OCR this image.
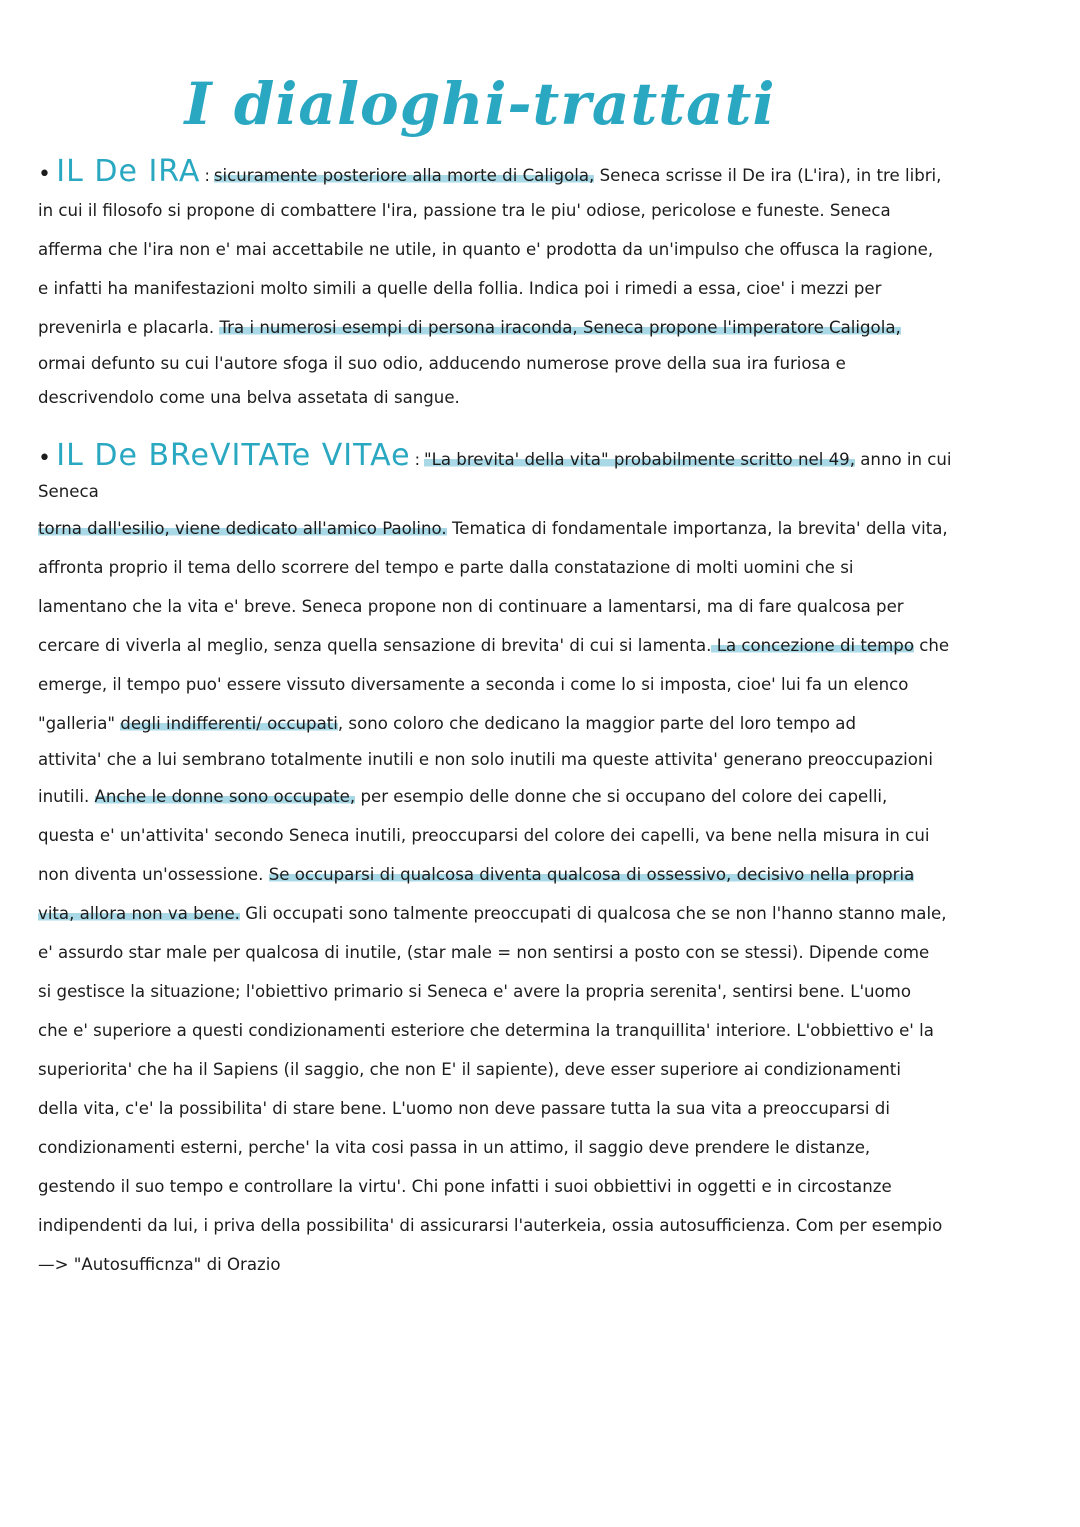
I dialoghi-trattati
• IL De IRA : sicuramente posteriore alla morte di Caligola, Seneca scrisse il De ira (L'ira), in tre libri,
in cui il filosofo si propone di combattere l'ira, passione tra le piu' odiose, pericolose e funeste. Seneca
afferma che l'ira non e' mai accettabile ne utile, in quanto e' prodotta da un'impulso che offusca la ragione,
e infatti ha manifestazioni molto simili a quelle della follia. Indica poi i rimedi a essa, cioe' i mezzi per
prevenirla e placarla. Tra i numerosi esempi di persona iraconda, Seneca propone l'imperatore Caligola,
ormai defunto su cui l'autore sfoga il suo odio, adducendo numerose prove della sua ira furiosa e
descrivendolo come una belva assetata di sangue.
• IL De BReVITATe VITAe : "La brevita' della vita" probabilmente scritto nel 49, anno in cui
Seneca
torna dall'esilio, viene dedicato all'amico Paolino. Tematica di fondamentale importanza, la brevita' della vita,
affronta proprio il tema dello scorrere del tempo e parte dalla constatazione di molti uomini che si
lamentano che la vita e' breve. Seneca propone non di continuare a lamentarsi, ma di fare qualcosa per
cercare di viverla al meglio, senza quella sensazione di brevita' di cui si lamenta. La concezione di tempo che
emerge, il tempo puo' essere vissuto diversamente a seconda i come lo si imposta, cioe' lui fa un elenco
"galleria" degli indifferenti/ occupati, sono coloro che dedicano la maggior parte del loro tempo ad
attivita' che a lui sembrano totalmente inutili e non solo inutili ma queste attivita' generano preoccupazioni
inutili. Anche le donne sono occupate, per esempio delle donne che si occupano del colore dei capelli,
questa e' un'attivita' secondo Seneca inutili, preoccuparsi del colore dei capelli, va bene nella misura in cui
non diventa un'ossessione. Se occuparsi di qualcosa diventa qualcosa di ossessivo, decisivo nella propria
vita, allora non va bene. Gli occupati sono talmente preoccupati di qualcosa che se non l'hanno stanno male,
e' assurdo star male per qualcosa di inutile, (star male = non sentirsi a posto con se stessi). Dipende come
si gestisce la situazione; l'obiettivo primario si Seneca e' avere la propria serenita', sentirsi bene. L'uomo
che e' superiore a questi condizionamenti esteriore che determina la tranquillita' interiore. L'obbiettivo e' la
superiorita' che ha il Sapiens (il saggio, che non E' il sapiente), deve esser superiore ai condizionamenti
della vita, c'e' la possibilita' di stare bene. L'uomo non deve passare tutta la sua vita a preoccuparsi di
condizionamenti esterni, perche' la vita cosi passa in un attimo, il saggio deve prendere le distanze,
gestendo il suo tempo e controllare la virtu'. Chi pone infatti i suoi obbiettivi in oggetti e in circostanze
indipendenti da lui, i priva della possibilita' di assicurarsi l'auterkeia, ossia autosufficienza. Com per esempio
—> "Autosufficnza" di Orazio
